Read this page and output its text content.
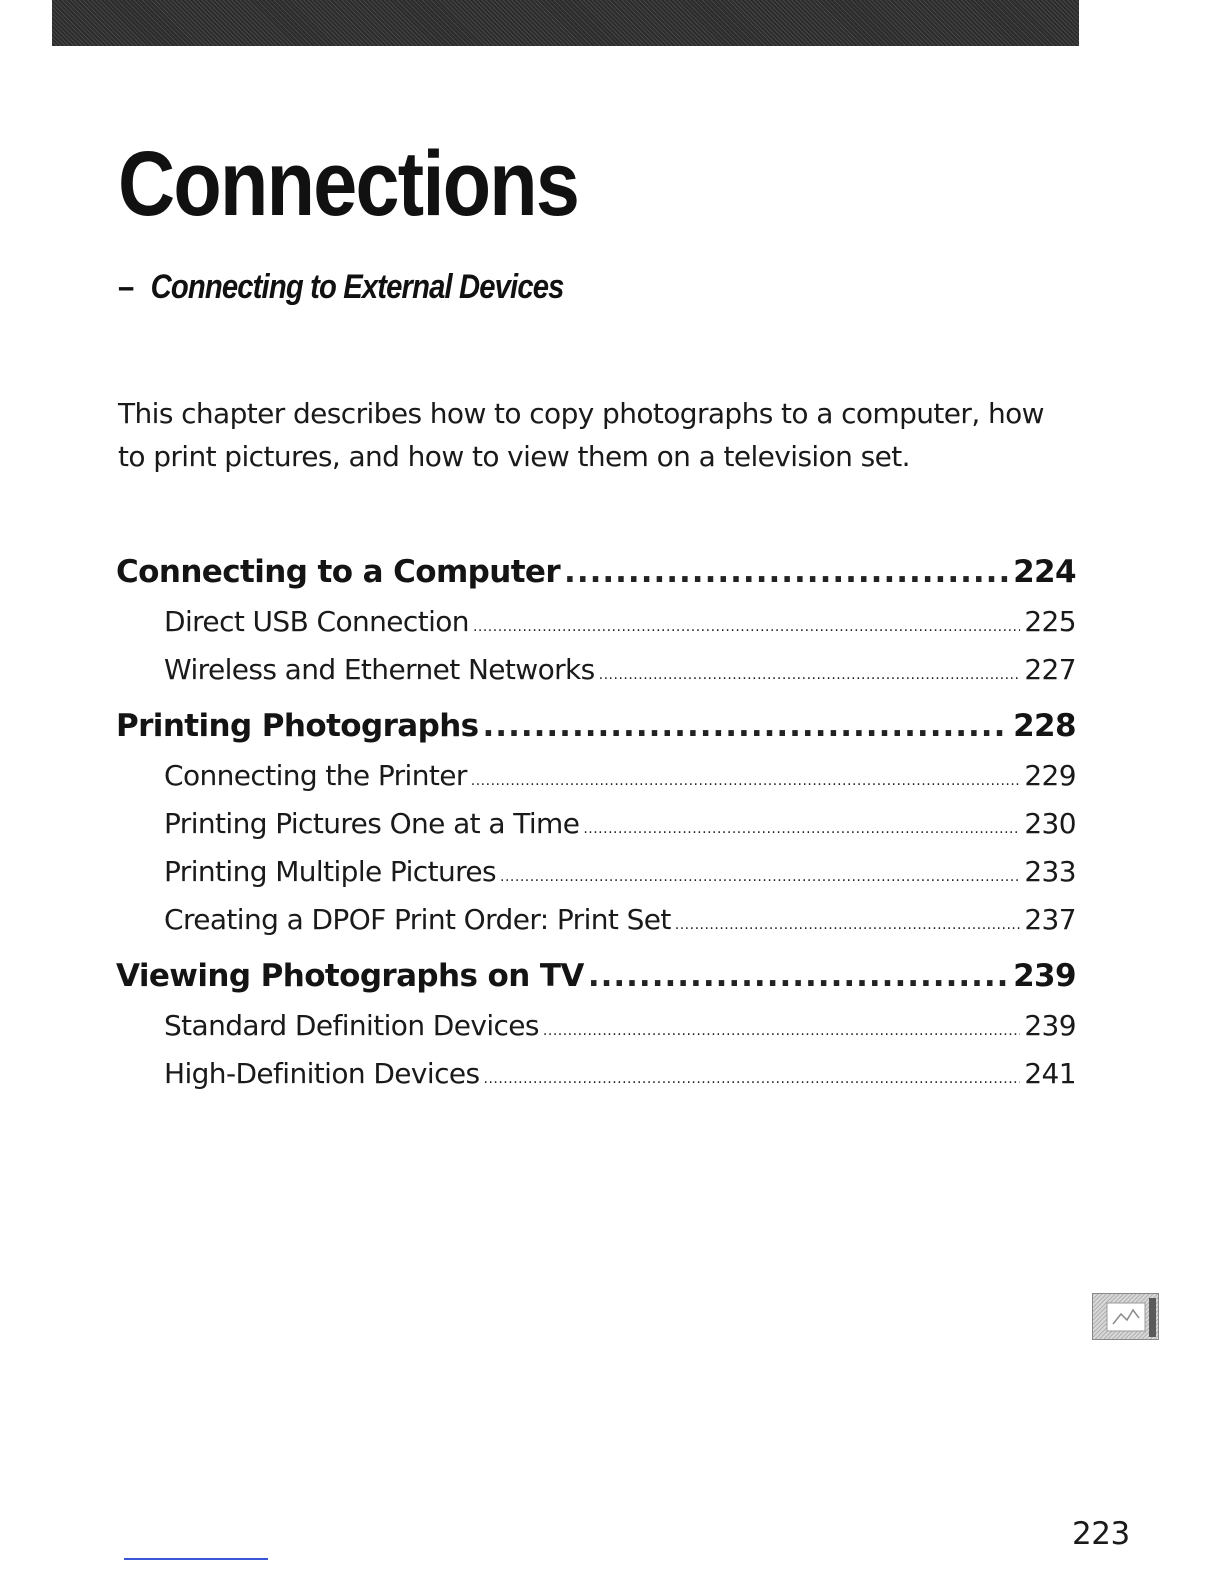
Connections

– Connecting to External Devices

This chapter describes how to copy photographs to a computer, how to print pictures, and how to view them on a television set.

Connecting to a Computer .....	224
Direct USB Connection .....	225
Wireless and Ethernet Networks .....	227
Printing Photographs .....	228
Connecting the Printer .....	229
Printing Pictures One at a Time .....	230
Printing Multiple Pictures .....	233
Creating a DPOF Print Order: Print Set .....	237
Viewing Photographs on TV .....	239
Standard Definition Devices .....	239
High-Definition Devices .....	241
223
